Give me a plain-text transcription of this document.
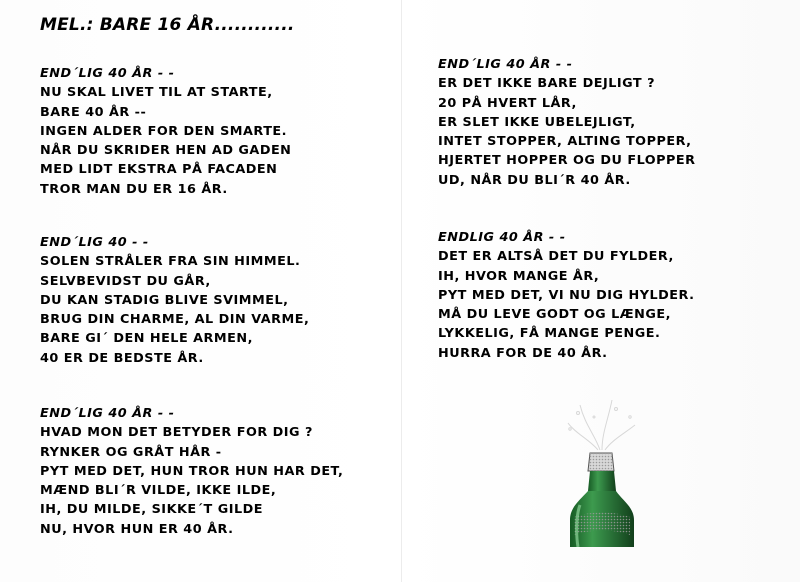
MEL.: BARE 16 ÅR............
END´LIG 40 ÅR - -
NU SKAL LIVET TIL AT STARTE,
BARE 40 ÅR --
INGEN ALDER FOR DEN SMARTE.
NÅR DU SKRIDER HEN AD GADEN
MED LIDT EKSTRA PÅ FACADEN
TROR MAN DU ER 16 ÅR.
END´LIG 40 - -
SOLEN STRÅLER FRA SIN HIMMEL.
SELVBEVIDST DU GÅR,
DU KAN STADIG BLIVE SVIMMEL,
BRUG DIN CHARME, AL DIN VARME,
BARE GI´ DEN HELE ARMEN,
40 ER DE BEDSTE ÅR.
END´LIG 40 ÅR - -
HVAD MON DET BETYDER FOR DIG ?
RYNKER OG GRÅT HÅR -
PYT MED DET, HUN TROR HUN HAR DET,
MÆND BLI´R VILDE, IKKE ILDE,
IH, DU MILDE, SIKKE´T GILDE
NU, HVOR HUN ER 40 ÅR.
END´LIG 40 ÅR - -
ER DET IKKE BARE DEJLIGT ?
20 PÅ HVERT LÅR,
ER SLET IKKE UBELEJLIGT,
INTET STOPPER, ALTING TOPPER,
HJERTET HOPPER OG DU FLOPPER
UD, NÅR DU BLI´R 40 ÅR.
ENDLIG 40 ÅR - -
DET ER ALTSÅ DET DU FYLDER,
IH, HVOR MANGE ÅR,
PYT MED DET, VI NU DIG HYLDER.
MÅ DU LEVE GODT OG LÆNGE,
LYKKELIG, FÅ MANGE PENGE.
HURRA FOR DE 40 ÅR.
